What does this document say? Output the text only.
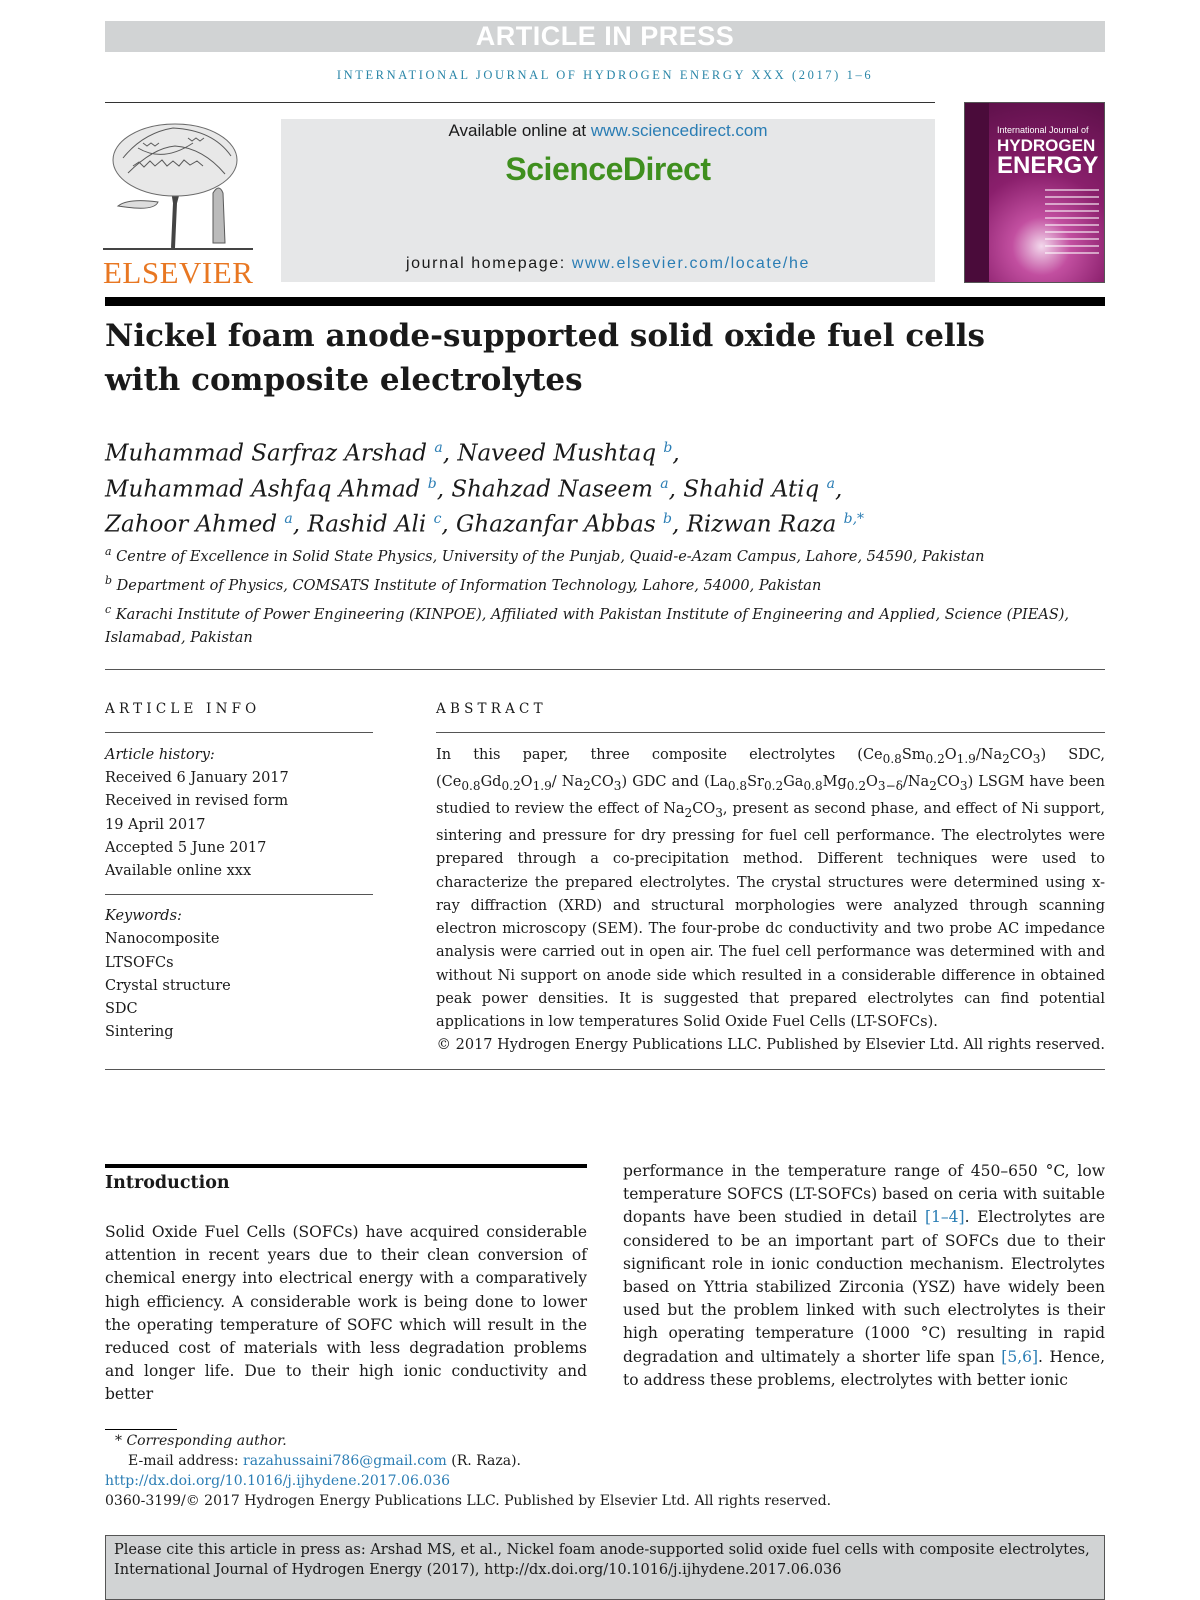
ARTICLE IN PRESS
INTERNATIONAL JOURNAL OF HYDROGEN ENERGY XXX (2017) 1–6
ELSEVIER
Available online at www.sciencedirect.com
ScienceDirect
journal homepage: www.elsevier.com/locate/he
International Journal of
HYDROGEN
ENERGY
Nickel foam anode-supported solid oxide fuel cells with composite electrolytes
Muhammad Sarfraz Arshad $^a$, Naveed Mushtaq $^b$,
Muhammad Ashfaq Ahmad $^b$, Shahzad Naseem $^a$, Shahid Atiq $^a$,
Zahoor Ahmed $^a$, Rashid Ali $^c$, Ghazanfar Abbas $^b$, Rizwan Raza $^{b,*}$
$^a$ Centre of Excellence in Solid State Physics, University of the Punjab, Quaid-e-Azam Campus, Lahore, 54590, Pakistan
$^b$ Department of Physics, COMSATS Institute of Information Technology, Lahore, 54000, Pakistan
$^c$ Karachi Institute of Power Engineering (KINPOE), Affiliated with Pakistan Institute of Engineering and Applied, Science (PIEAS), Islamabad, Pakistan
ARTICLE INFO
Article history:
Received 6 January 2017
Received in revised form
19 April 2017
Accepted 5 June 2017
Available online xxx
Keywords:
Nanocomposite
LTSOFCs
Crystal structure
SDC
Sintering
ABSTRACT

In this paper, three composite electrolytes $(Ce_{0.8}Sm_{0.2}O_{1.9}/Na_2CO_3)$ SDC, ($Ce_{0.8}Gd_{0.2}O_{1.9}/$ $Na_2CO_3$) GDC and $(La_{0.8}Sr_{0.2}Ga_{0.8}Mg_{0.2}O_{3-\delta}/Na_2CO_3)$ LSGM have been studied to review the effect of $Na_2CO_3$, present as second phase, and effect of Ni support, sintering and pressure for dry pressing for fuel cell performance. The electrolytes were prepared through a co-precipitation method. Different techniques were used to characterize the prepared electrolytes. The crystal structures were determined using x-ray diffraction (XRD) and structural morphologies were analyzed through scanning electron microscopy (SEM). The four-probe dc conductivity and two probe AC impedance analysis were carried out in open air. The fuel cell performance was determined with and without Ni support on anode side which resulted in a considerable difference in obtained peak power densities. It is suggested that prepared electrolytes can find potential applications in low temperatures Solid Oxide Fuel Cells (LT-SOFCs).

© 2017 Hydrogen Energy Publications LLC. Published by Elsevier Ltd. All rights reserved.

Introduction
Solid Oxide Fuel Cells (SOFCs) have acquired considerable attention in recent years due to their clean conversion of chemical energy into electrical energy with a comparatively high efficiency. A considerable work is being done to lower the operating temperature of SOFC which will result in the reduced cost of materials with less degradation problems and longer life. Due to their high ionic conductivity and better
performance in the temperature range of 450–650 °C, low temperature SOFCS (LT-SOFCs) based on ceria with suitable dopants have been studied in detail [1–4]. Electrolytes are considered to be an important part of SOFCs due to their significant role in ionic conduction mechanism. Electrolytes based on Yttria stabilized Zirconia (YSZ) have widely been used but the problem linked with such electrolytes is their high operating temperature (1000 °C) resulting in rapid degradation and ultimately a shorter life span [5,6]. Hence, to address these problems, electrolytes with better ionic
* Corresponding author.
E-mail address: razahussaini786@gmail.com (R. Raza).
http://dx.doi.org/10.1016/j.ijhydene.2017.06.036
0360-3199/© 2017 Hydrogen Energy Publications LLC. Published by Elsevier Ltd. All rights reserved.
Please cite this article in press as: Arshad MS, et al., Nickel foam anode-supported solid oxide fuel cells with composite electrolytes, International Journal of Hydrogen Energy (2017), http://dx.doi.org/10.1016/j.ijhydene.2017.06.036
